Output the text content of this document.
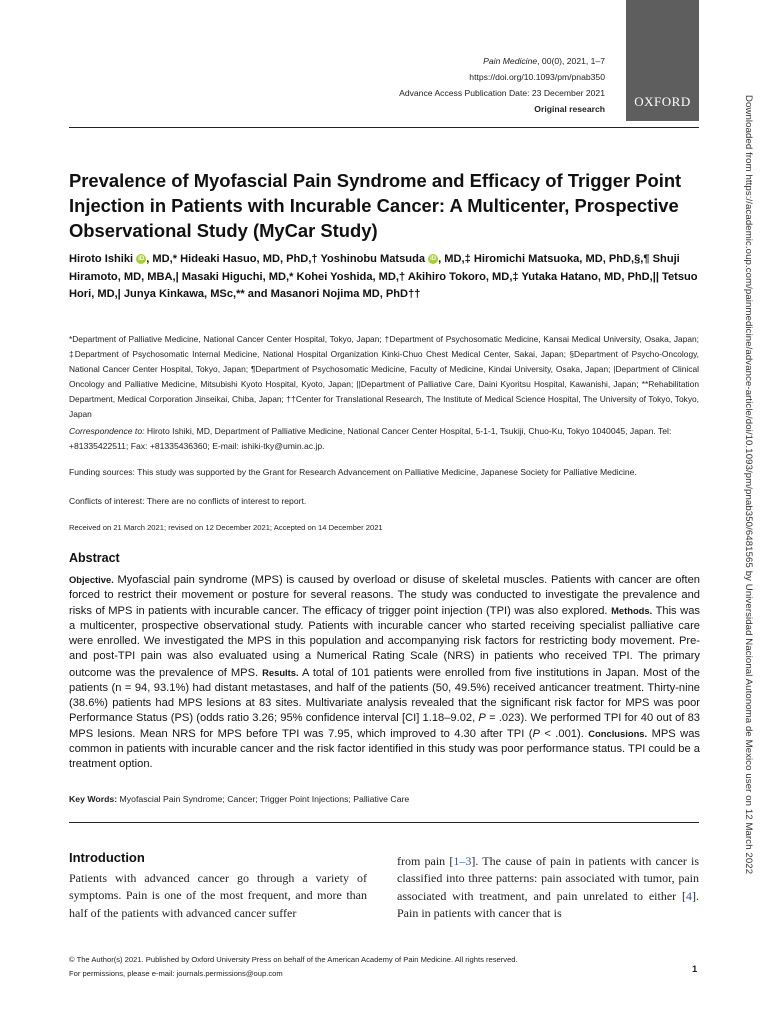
Pain Medicine, 00(0), 2021, 1–7
https://doi.org/10.1093/pm/pnab350
Advance Access Publication Date: 23 December 2021
Original research OXFORD	Downloaded from https://academic.oup.com/painmedicine/advance-article/doi/10.1093/pm/pnab350/6481565 by Universidad Nacional Autonoma de Mexico user on 12 March 2022
Prevalence of Myofascial Pain Syndrome and Efficacy of Trigger Point Injection in Patients with Incurable Cancer: A Multicenter, Prospective Observational Study (MyCar Study)

Hiroto Ishiki iD , MD,* Hideaki Hasuo, MD, PhD,† Yoshinobu Matsuda iD , MD,‡ Hiromichi Matsuoka, MD, PhD,§,¶ Shuji Hiramoto, MD, MBA,| Masaki Higuchi, MD,* Kohei Yoshida, MD,† Akihiro Tokoro, MD,‡ Yutaka Hatano, MD, PhD,|| Tetsuo Hori, MD,| Junya Kinkawa, MSc,** and Masanori Nojima MD, PhD††

*Department of Palliative Medicine, National Cancer Center Hospital, Tokyo, Japan; †Department of Psychosomatic Medicine, Kansai Medical University, Osaka, Japan; ‡Department of Psychosomatic Internal Medicine, National Hospital Organization Kinki-Chuo Chest Medical Center, Sakai, Japan; §Department of Psycho-Oncology, National Cancer Center Hospital, Tokyo, Japan; ¶Department of Psychosomatic Medicine, Faculty of Medicine, Kindai University, Osaka, Japan; |Department of Clinical Oncology and Palliative Medicine, Mitsubishi Kyoto Hospital, Kyoto, Japan; ||Department of Palliative Care, Daini Kyoritsu Hospital, Kawanishi, Japan; **Rehabilitation Department, Medical Corporation Jinseikai, Chiba, Japan; ††Center for Translational Research, The Institute of Medical Science Hospital, The University of Tokyo, Tokyo, Japan

Correspondence to: Hiroto Ishiki, MD, Department of Palliative Medicine, National Cancer Center Hospital, 5-1-1, Tsukiji, Chuo-Ku, Tokyo 1040045, Japan. Tel: +81335422511; Fax: +81335436360; E-mail: ishiki-tky@umin.ac.jp.

Funding sources: This study was supported by the Grant for Research Advancement on Palliative Medicine, Japanese Society for Palliative Medicine.

Conflicts of interest: There are no conflicts of interest to report.

Received on 21 March 2021; revised on 12 December 2021; Accepted on 14 December 2021

Abstract

Objective. Myofascial pain syndrome (MPS) is caused by overload or disuse of skeletal muscles. Patients with cancer are often forced to restrict their movement or posture for several reasons. The study was conducted to investigate the prevalence and risks of MPS in patients with incurable cancer. The efficacy of trigger point injection (TPI) was also explored. Methods. This was a multicenter, prospective observational study. Patients with incurable cancer who started receiving specialist palliative care were enrolled. We investigated the MPS in this population and accompanying risk factors for restricting body movement. Pre- and post-TPI pain was also evaluated using a Numerical Rating Scale (NRS) in patients who received TPI. The primary outcome was the prevalence of MPS. Results. A total of 101 patients were enrolled from five institutions in Japan. Most of the patients (n = 94, 93.1%) had distant metastases, and half of the patients (50, 49.5%) received anticancer treatment. Thirty-nine (38.6%) patients had MPS lesions at 83 sites. Multivariate analysis revealed that the significant risk factor for MPS was poor Performance Status (PS) (odds ratio 3.26; 95% confidence interval [CI] 1.18–9.02, P = .023). We performed TPI for 40 out of 83 MPS lesions. Mean NRS for MPS before TPI was 7.95, which improved to 4.30 after TPI (P < .001). Conclusions. MPS was common in patients with incurable cancer and the risk factor identified in this study was poor performance status. TPI could be a treatment option.

Key Words: Myofascial Pain Syndrome; Cancer; Trigger Point Injections; Palliative Care

Introduction

Patients with advanced cancer go through a variety of symptoms. Pain is one of the most frequent, and more than half of the patients with advanced cancer suffer

from pain [1–3]. The cause of pain in patients with cancer is classified into three patterns: pain associated with tumor, pain associated with treatment, and pain unrelated to either [4]. Pain in patients with cancer that is

© The Author(s) 2021. Published by Oxford University Press on behalf of the American Academy of Pain Medicine. All rights reserved.
For permissions, please e-mail: journals.permissions@oup.com	1
